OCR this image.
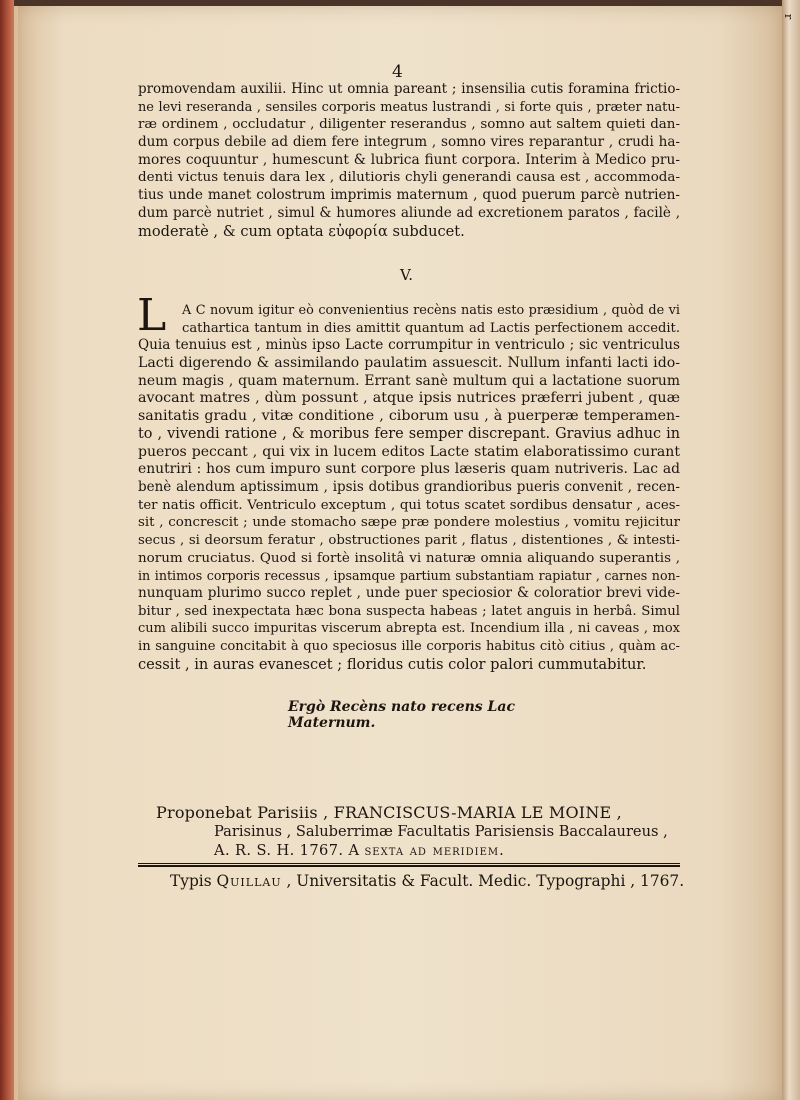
r
4
promovendam auxilii. Hinc ut omnia pareant ; insensilia cutis foramina frictio-
ne levi reseranda , sensiles corporis meatus lustrandi , si forte quis , præter natu-
ræ ordinem , occludatur , diligenter reserandus , somno aut saltem quieti dan-
dum corpus debile ad diem fere integrum , somno vires reparantur , crudi ha-
mores coquuntur , humescunt & lubrica fiunt corpora. Interim à Medico pru-
denti victus tenuis dara lex , dilutioris chyli generandi causa est , accommoda-
tius unde manet colostrum imprimis maternum , quod puerum parcè nutrien-
dum parcè nutriet , simul & humores aliunde ad excretionem paratos , facilè ,
moderatè , & cum optata εὐφορία subducet.
V.
L	A C novum igitur eò convenientius recèns natis esto præsidium , quòd de vi
cathartica tantum in dies amittit quantum ad Lactis perfectionem accedit.
Quia tenuius est , minùs ipso Lacte corrumpitur in ventriculo ; sic ventriculus
Lacti digerendo & assimilando paulatim assuescit. Nullum infanti lacti ido-
neum magis , quam maternum. Errant sanè multum qui a lactatione suorum
avocant matres , dùm possunt , atque ipsis nutrices præferri jubent , quæ
sanitatis gradu , vitæ conditione , ciborum usu , à puerperæ temperamen-
to , vivendi ratione , & moribus fere semper discrepant. Gravius adhuc in
pueros peccant , qui vix in lucem editos Lacte statim elaboratissimo curant
enutriri : hos cum impuro sunt corpore plus læseris quam nutriveris. Lac ad
benè alendum aptissimum , ipsis dotibus grandioribus pueris convenit , recen-
ter natis officit. Ventriculo exceptum , qui totus scatet sordibus densatur , aces-
sit , concrescit ; unde stomacho sæpe præ pondere molestius , vomitu rejicitur
secus , si deorsum feratur , obstructiones parit , flatus , distentiones , & intesti-
norum cruciatus. Quod si fortè insolitâ vi naturæ omnia aliquando superantis ,
in intimos corporis recessus , ipsamque partium substantiam rapiatur , carnes non-
nunquam plurimo succo replet , unde puer speciosior & coloratior brevi vide-
bitur , sed inexpectata hæc bona suspecta habeas ; latet anguis in herbâ. Simul
cum alibili succo impuritas viscerum abrepta est. Incendium illa , ni caveas , mox
in sanguine concitabit à quo speciosus ille corporis habitus citò citius , quàm ac-
cessit , in auras evanescet ; floridus cutis color palori cummutabitur.
Ergò Recèns nato recens Lac Maternum.
Proponebat Parisiis , FRANCISCUS-MARIA LE MOINE ,
Parisinus , Saluberrimæ Facultatis Parisiensis Baccalaureus ,
A. R. S. H. 1767. A sexta ad meridiem.
Typis Quillau , Universitatis & Facult. Medic. Typographi , 1767.
